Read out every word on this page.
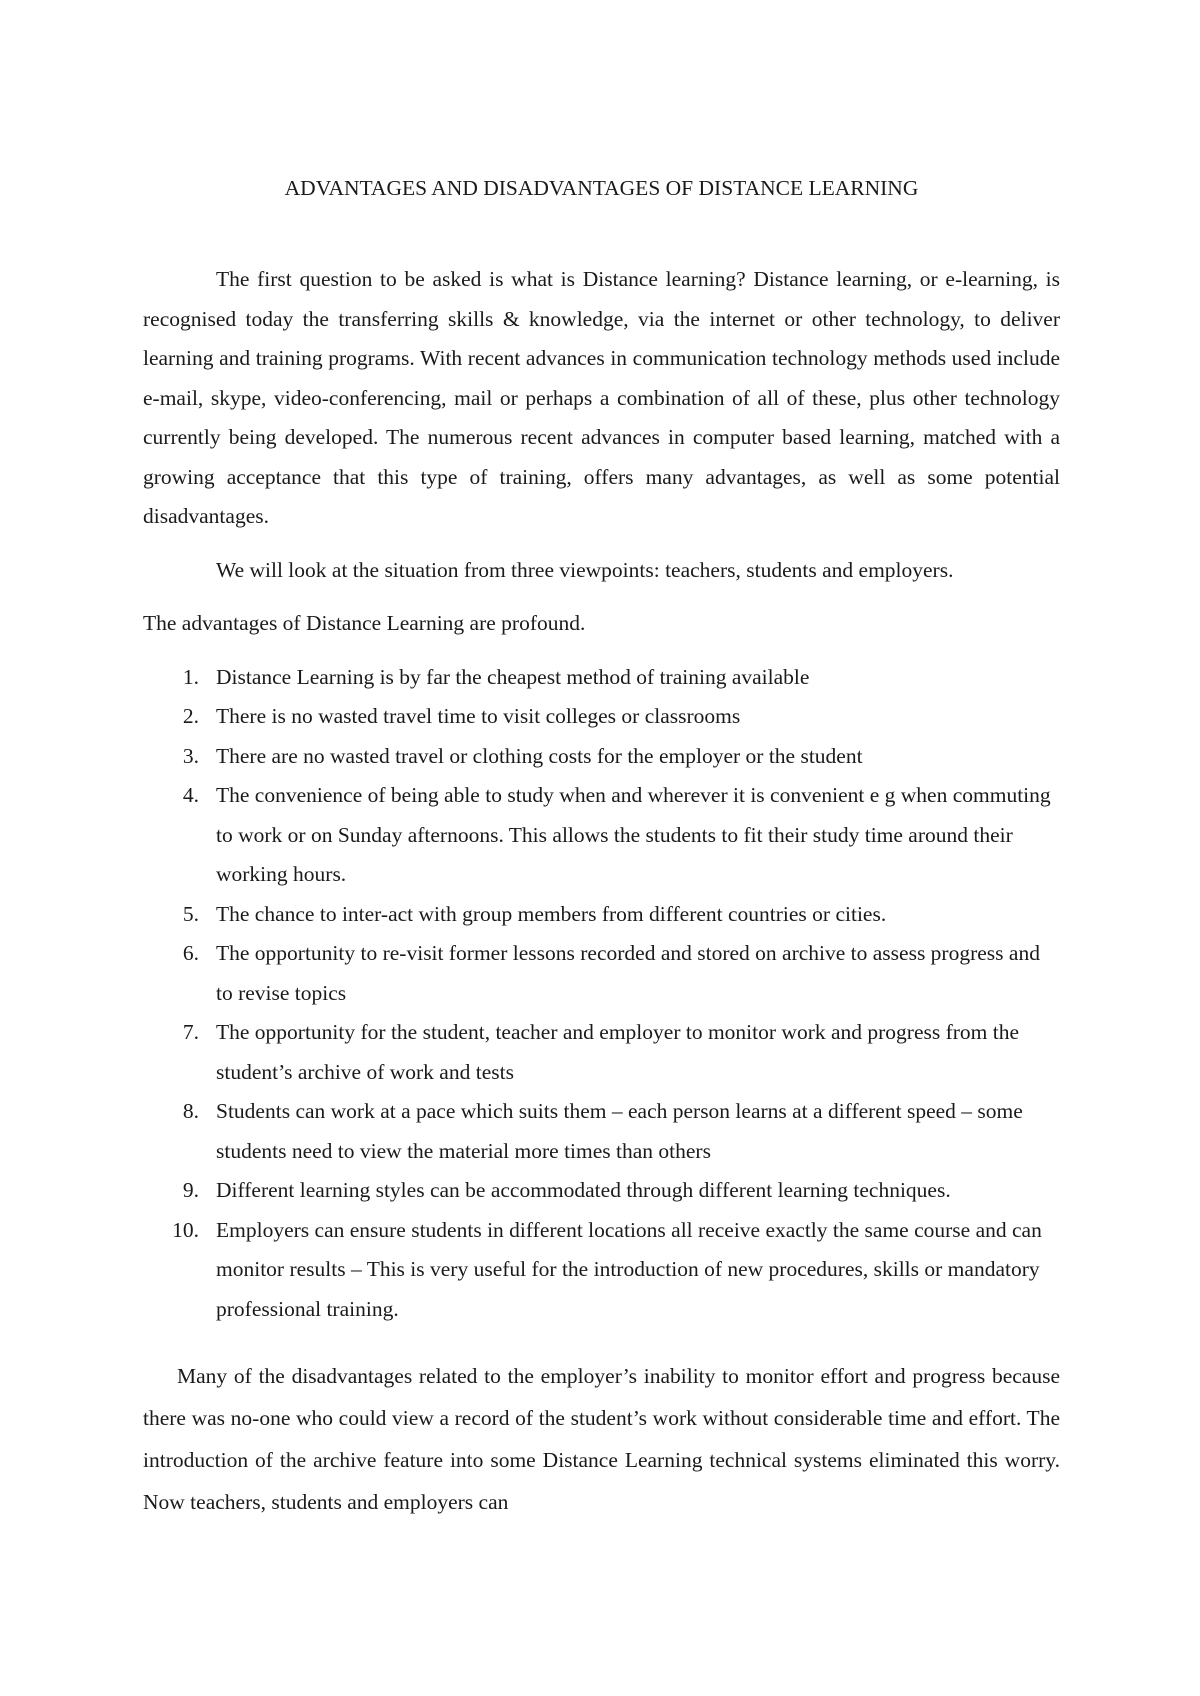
ADVANTAGES AND DISADVANTAGES OF DISTANCE LEARNING

The first question to be asked is what is Distance learning? Distance learning, or e-learning, is recognised today the transferring skills & knowledge, via the internet or other technology, to deliver learning and training programs. With recent advances in communication technology methods used include e-mail, skype, video-conferencing, mail or perhaps a combination of all of these, plus other technology currently being developed. The numerous recent advances in computer based learning, matched with a growing acceptance that this type of training, offers many advantages, as well as some potential disadvantages.

We will look at the situation from three viewpoints: teachers, students and employers.

The advantages of Distance Learning are profound.

1. Distance Learning is by far the cheapest method of training available
2. There is no wasted travel time to visit colleges or classrooms
3. There are no wasted travel or clothing costs for the employer or the student
4. The convenience of being able to study when and wherever it is convenient e g when commuting to work or on Sunday afternoons. This allows the students to fit their study time around their working hours.
5. The chance to inter-act with group members from different countries or cities.
6. The opportunity to re-visit former lessons recorded and stored on archive to assess progress and to revise topics
7. The opportunity for the student, teacher and employer to monitor work and progress from the student’s archive of work and tests
8. Students can work at a pace which suits them – each person learns at a different speed – some students need to view the material more times than others
9. Different learning styles can be accommodated through different learning techniques.
10. Employers can ensure students in different locations all receive exactly the same course and can monitor results – This is very useful for the introduction of new procedures, skills or mandatory professional training.

Many of the disadvantages related to the employer’s inability to monitor effort and progress because there was no-one who could view a record of the student’s work without considerable time and effort. The introduction of the archive feature into some Distance Learning technical systems eliminated this worry. Now teachers, students and employers can
